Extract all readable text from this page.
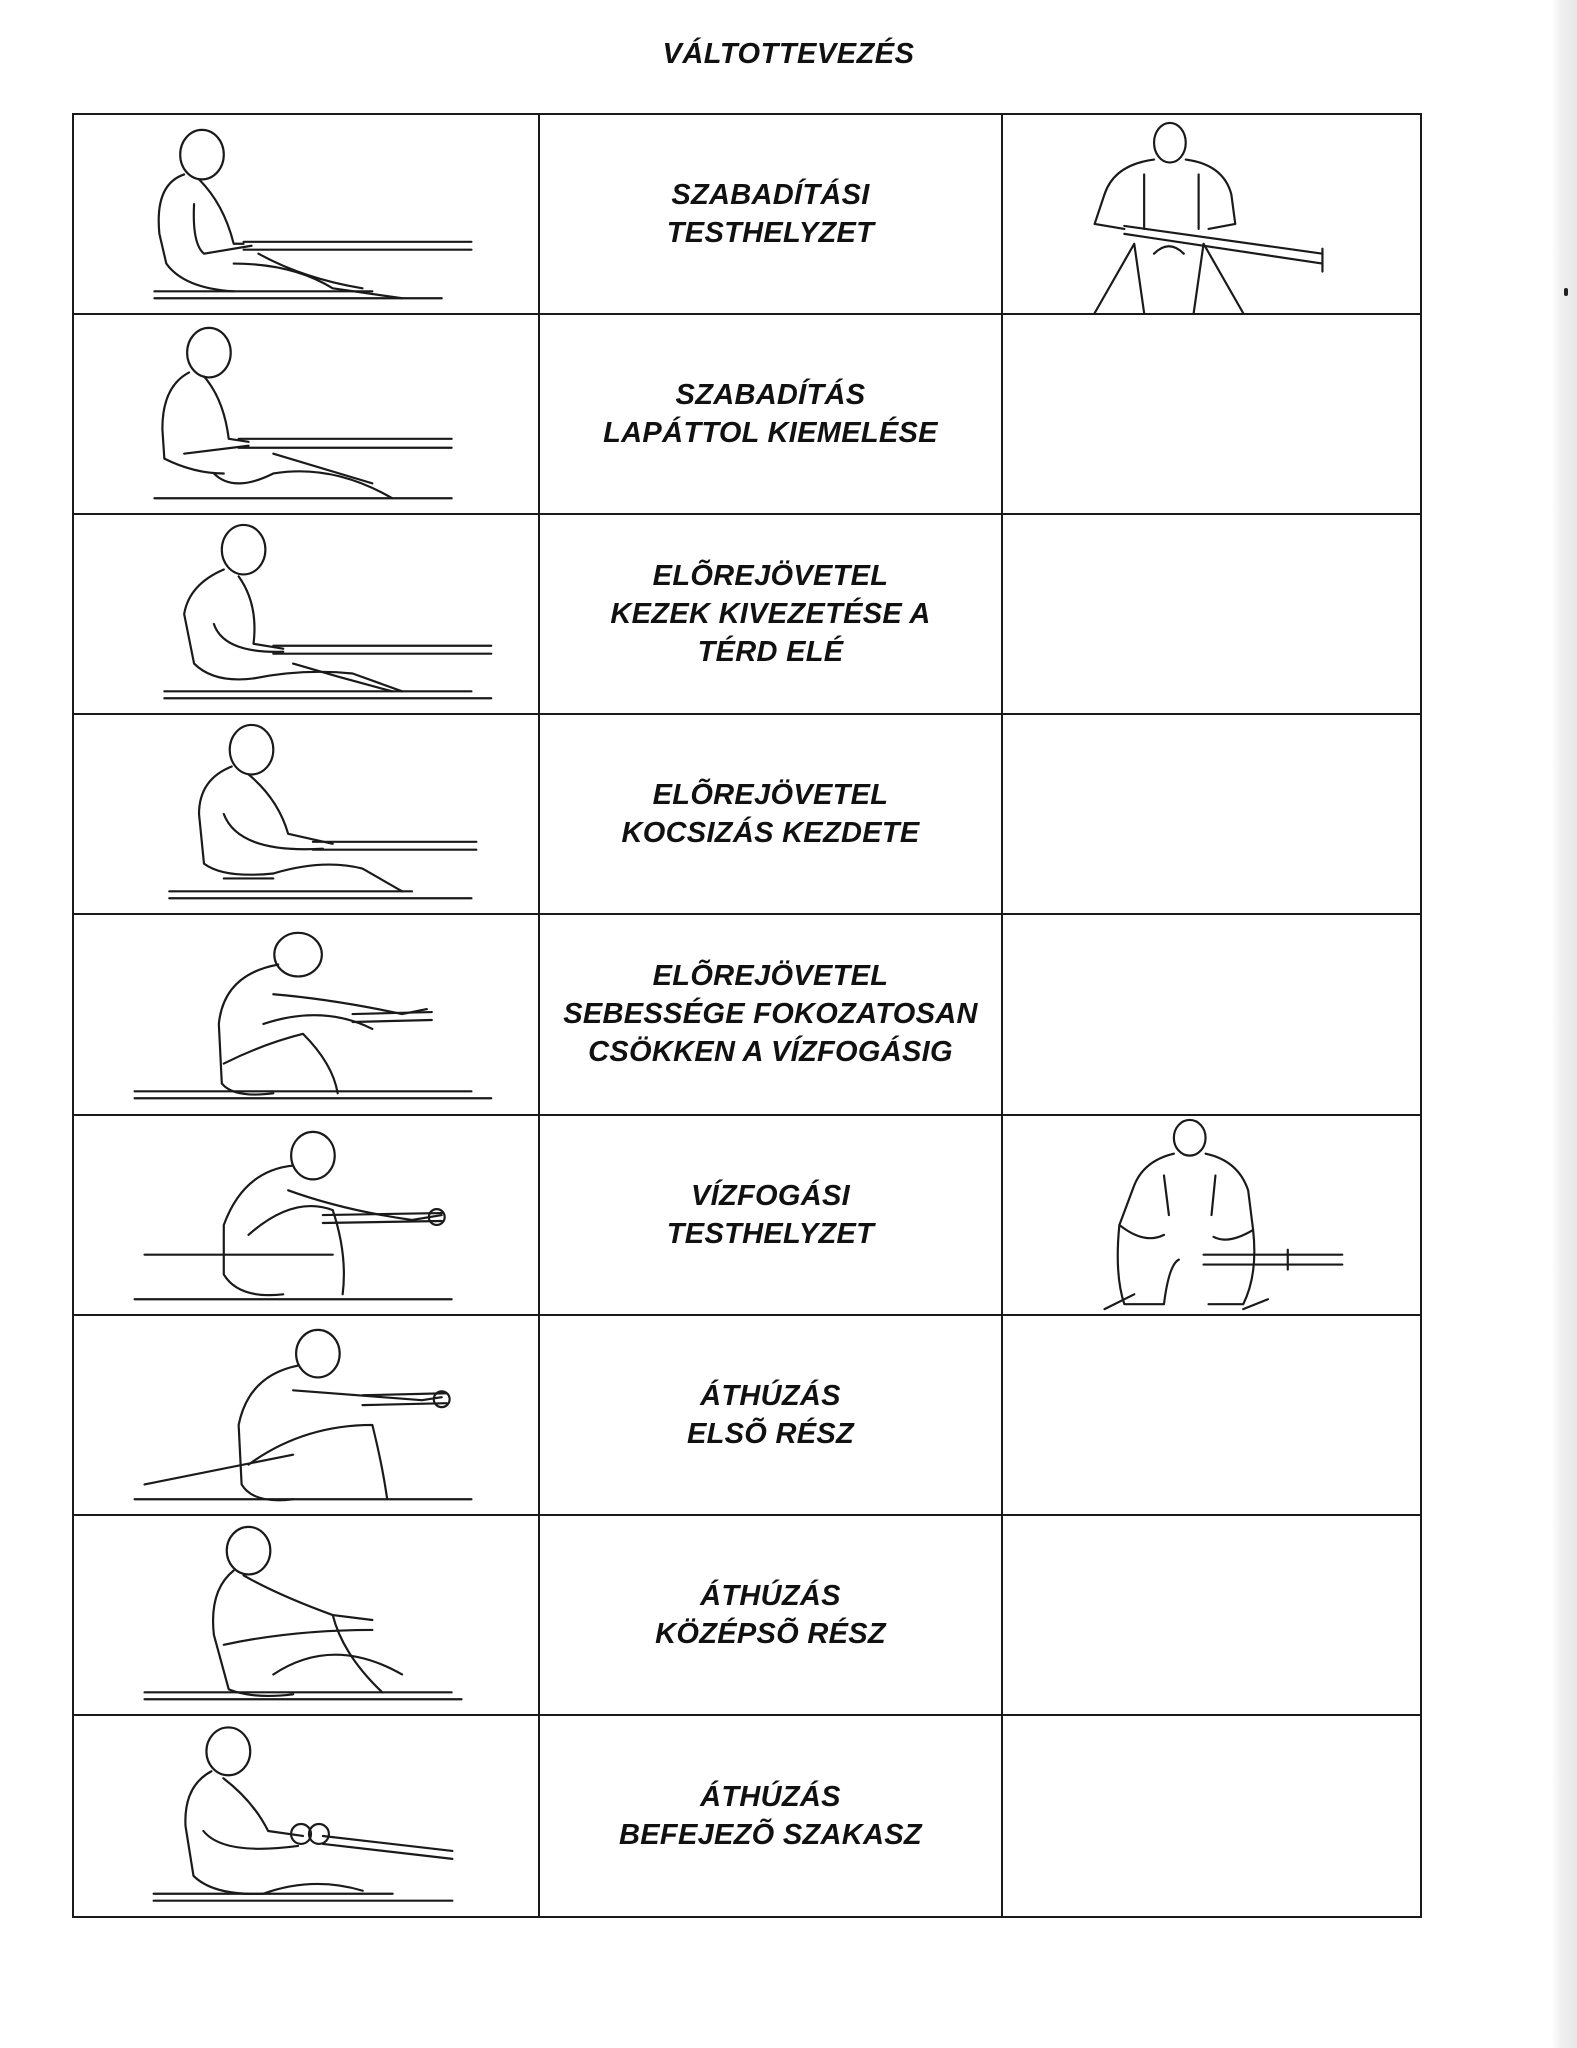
VÁLTOTTEVEZÉS
SZABADÍTÁSI
TESTHELYZET
SZABADÍTÁS
LAPÁTTOL KIEMELÉSE
ELÕREJÖVETEL
KEZEK KIVEZETÉSE A
TÉRD ELÉ
ELÕREJÖVETEL
KOCSIZÁS KEZDETE
ELÕREJÖVETEL
SEBESSÉGE FOKOZATOSAN
CSÖKKEN A VÍZFOGÁSIG
VÍZFOGÁSI
TESTHELYZET
ÁTHÚZÁS
ELSÕ RÉSZ
ÁTHÚZÁS
KÖZÉPSÕ RÉSZ
ÁTHÚZÁS
BEFEJEZÕ SZAKASZ
